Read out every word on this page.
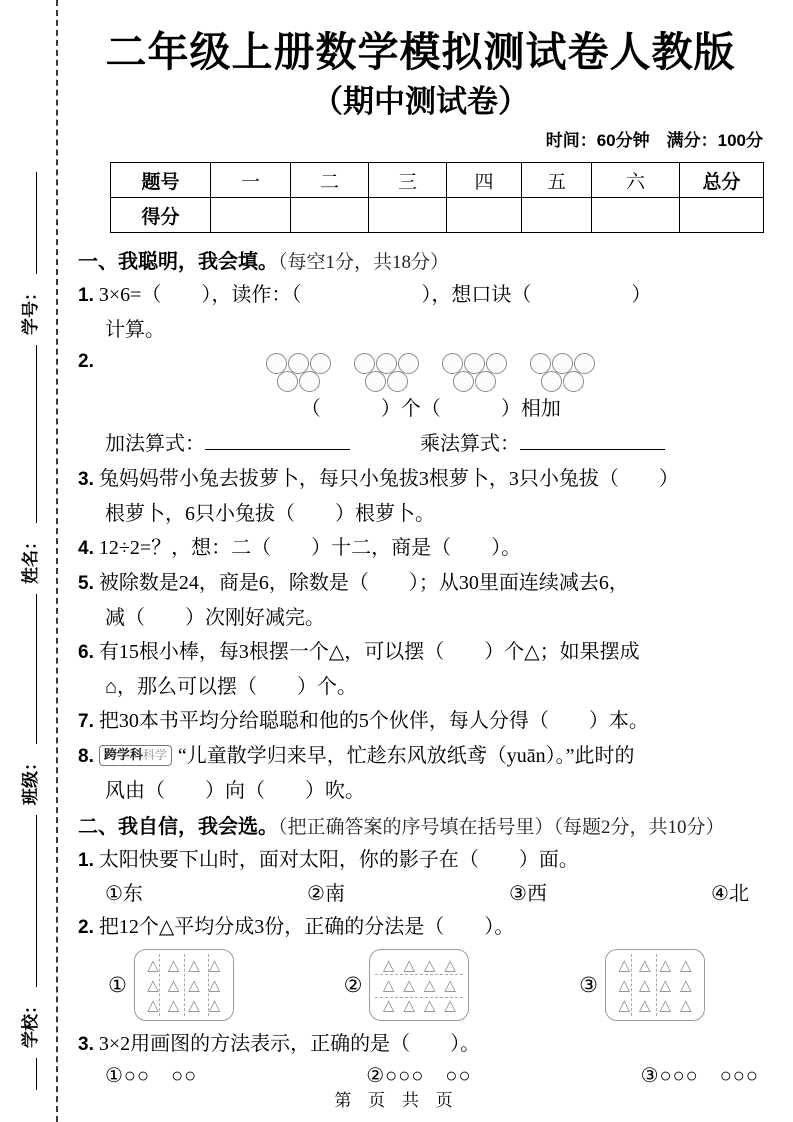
学校：
班级：
姓名：
学号：
二年级上册数学模拟测试卷人教版
（期中测试卷）
时间：60分钟　满分：100分
题号	一	二	三	四	五	六	总分
得分							
一、我聪明，我会填。（每空1分，共18分）
1. 3×6=（　　），读作：（　　　　　　），想口诀（　　　　　）
计算。
2.
（　　　）个（　　　）相加
加法算式：	乘法算式：
3. 兔妈妈带小兔去拔萝卜，每只小兔拔3根萝卜，3只小兔拔（　　）
根萝卜，6只小兔拔（　　）根萝卜。
4. 12÷2=？，想：二（　　）十二，商是（　　）。
5. 被除数是24，商是6，除数是（　　）；从30里面连续减去6，
减（　　）次刚好减完。
6. 有15根小棒，每3根摆一个△，可以摆（　　）个△；如果摆成
⌂，那么可以摆（　　）个。
7. 把30本书平均分给聪聪和他的5个伙伴，每人分得（　　）本。
8. 跨学科科学 “儿童散学归来早，忙趁东风放纸鸢（yuān）。”此时的
风由（　　）向（　　）吹。
二、我自信，我会选。（把正确答案的序号填在括号里）（每题2分，共10分）
1. 太阳快要下山时，面对太阳，你的影子在（　　）面。
①东	②南	③西	④北
2. 把12个△平均分成3份，正确的分法是（　　）。
①
△ △ △ △
△ △ △ △
△ △ △ △
②
△ △ △ △
△ △ △ △
△ △ △ △
③
△ △ △ △
△ △ △ △
△ △ △ △
3. 3×2用画图的方法表示，正确的是（　　）。
①○○　○○	②○○○　○○	③○○○　○○○
第 页 共 页
